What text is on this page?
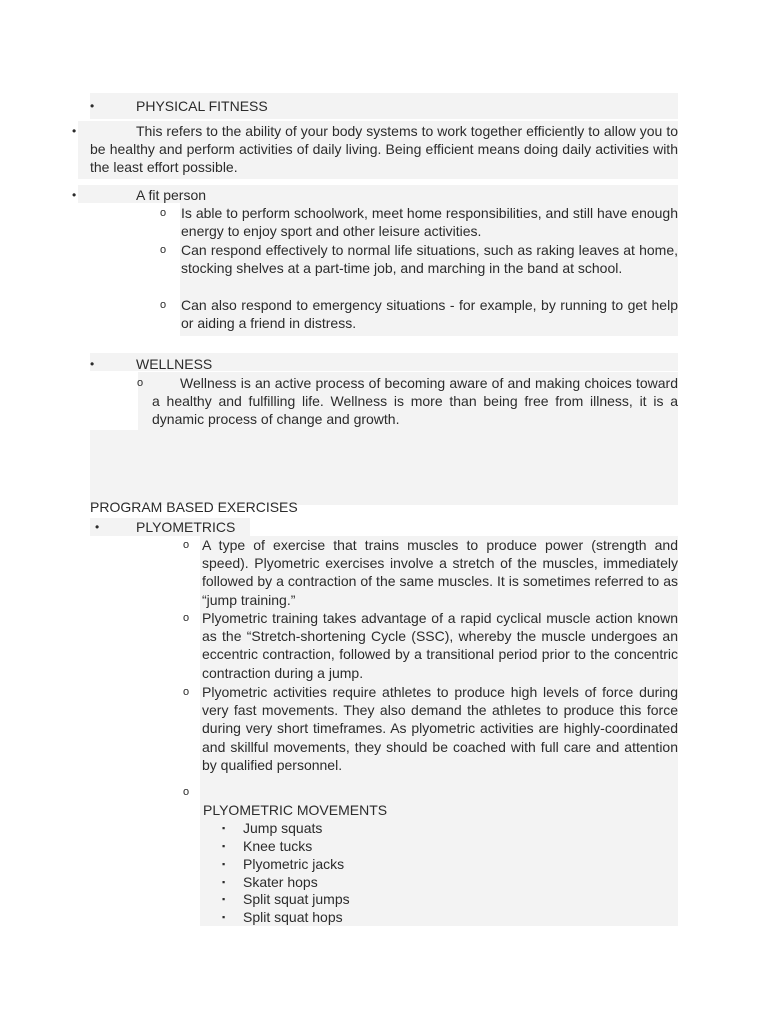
•	PHYSICAL FITNESS
•	This refers to the ability of your body systems to work together efficiently to allow you to be healthy and perform activities of daily living. Being efficient means doing daily activities with the least effort possible.
•	A fit person
o Is able to perform schoolwork, meet home responsibilities, and still have enough energy to enjoy sport and other leisure activities.
o Can respond effectively to normal life situations, such as raking leaves at home, stocking shelves at a part-time job, and marching in the band at school.
o Can also respond to emergency situations - for example, by running to get help or aiding a friend in distress.
•	WELLNESS
o	Wellness is an active process of becoming aware of and making choices toward a healthy and fulfilling life. Wellness is more than being free from illness, it is a dynamic process of change and growth.
PROGRAM BASED EXERCISES
•	PLYOMETRICS
o A type of exercise that trains muscles to produce power (strength and speed). Plyometric exercises involve a stretch of the muscles, immediately followed by a contraction of the same muscles. It is sometimes referred to as “jump training.”
o Plyometric training takes advantage of a rapid cyclical muscle action known as the “Stretch-shortening Cycle (SSC), whereby the muscle undergoes an eccentric contraction, followed by a transitional period prior to the concentric contraction during a jump.
o Plyometric activities require athletes to produce high levels of force during very fast movements. They also demand the athletes to produce this force during very short timeframes. As plyometric activities are highly-coordinated and skillful movements, they should be coached with full care and attention by qualified personnel.
o
PLYOMETRIC MOVEMENTS
▪ Jump squats
▪ Knee tucks
▪ Plyometric jacks
▪ Skater hops
▪ Split squat jumps
▪ Split squat hops
